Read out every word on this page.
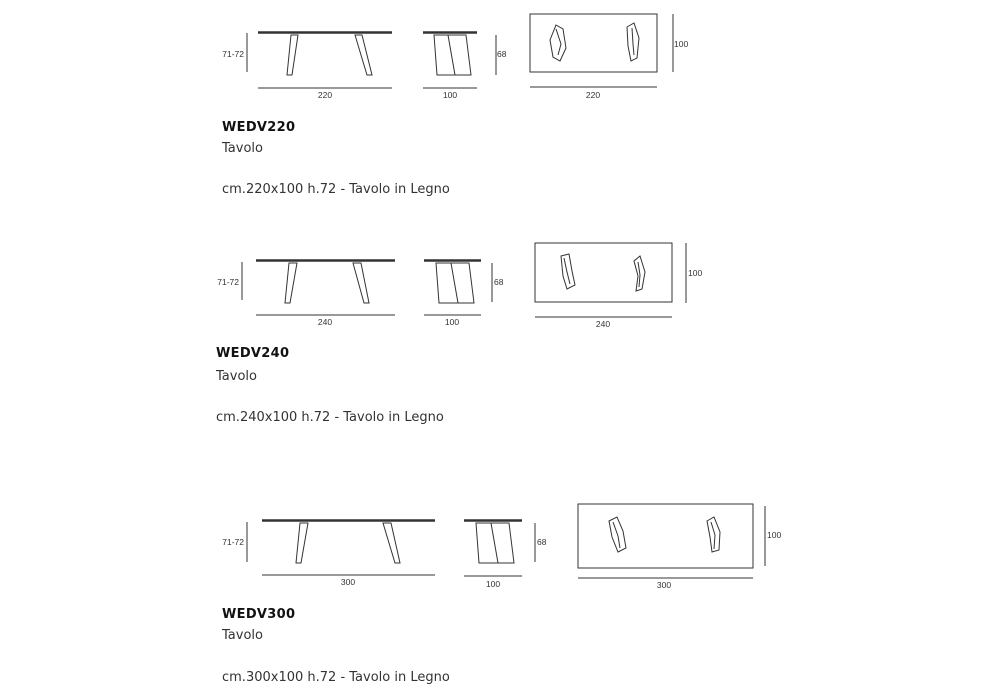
71-72
220
68
100
100
220
WEDV220
Tavolo
cm.220x100 h.72 - Tavolo in Legno
71-72
240
68
100
100
240
WEDV240
Tavolo
cm.240x100 h.72 - Tavolo in Legno
71-72
300
68
100
100
300
WEDV300
Tavolo
cm.300x100 h.72 - Tavolo in Legno
